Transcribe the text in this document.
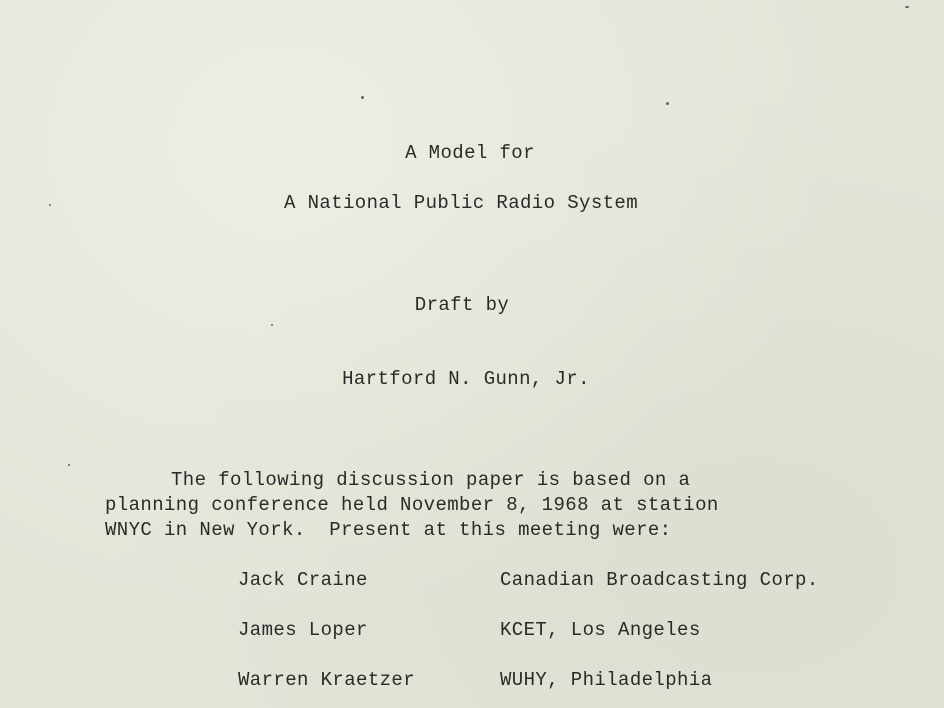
A Model for
A National Public Radio System
Draft by
Hartford N. Gunn, Jr.
The following discussion paper is based on a
planning conference held November 8, 1968 at station
WNYC in New York.  Present at this meeting were:
Jack Craine	Canadian Broadcasting Corp.
James Loper	KCET, Los Angeles
Warren Kraetzer	WUHY, Philadelphia
